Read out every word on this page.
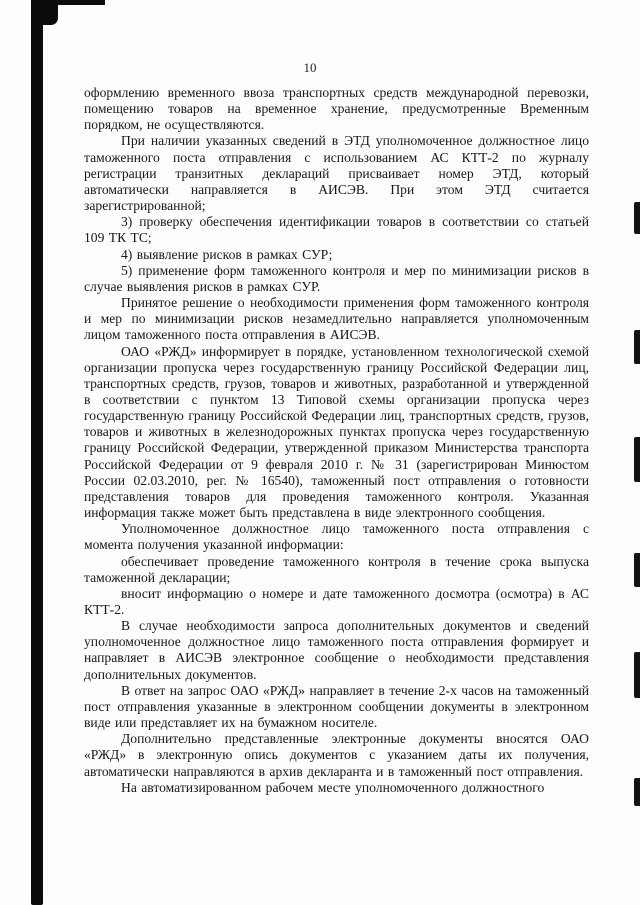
10

оформлению временного ввоза транспортных средств международной перевозки, помещению товаров на временное хранение, предусмотренные Временным порядком, не осуществляются.

При наличии указанных сведений в ЭТД уполномоченное должностное лицо таможенного поста отправления с использованием АС КТТ-2 по журналу регистрации транзитных деклараций присваивает номер ЭТД, который автоматически направляется в АИСЭВ. При этом ЭТД считается зарегистрированной;

3) проверку обеспечения идентификации товаров в соответствии со статьей 109 ТК ТС;

4) выявление рисков в рамках СУР;

5) применение форм таможенного контроля и мер по минимизации рисков в случае выявления рисков в рамках СУР.

Принятое решение о необходимости применения форм таможенного контроля и мер по минимизации рисков незамедлительно направляется уполномоченным лицом таможенного поста отправления в АИСЭВ.

ОАО «РЖД» информирует в порядке, установленном технологической схемой организации пропуска через государственную границу Российской Федерации лиц, транспортных средств, грузов, товаров и животных, разработанной и утвержденной в соответствии с пунктом 13 Типовой схемы организации пропуска через государственную границу Российской Федерации лиц, транспортных средств, грузов, товаров и животных в железнодорожных пунктах пропуска через государственную границу Российской Федерации, утвержденной приказом Министерства транспорта Российской Федерации от 9 февраля 2010 г. № 31 (зарегистрирован Минюстом России 02.03.2010, рег. № 16540), таможенный пост отправления о готовности представления товаров для проведения таможенного контроля. Указанная информация также может быть представлена в виде электронного сообщения.

Уполномоченное должностное лицо таможенного поста отправления с момента получения указанной информации:

обеспечивает проведение таможенного контроля в течение срока выпуска таможенной декларации;

вносит информацию о номере и дате таможенного досмотра (осмотра) в АС КТТ-2.

В случае необходимости запроса дополнительных документов и сведений уполномоченное должностное лицо таможенного поста отправления формирует и направляет в АИСЭВ электронное сообщение о необходимости представления дополнительных документов.

В ответ на запрос ОАО «РЖД» направляет в течение 2-х часов на таможенный пост отправления указанные в электронном сообщении документы в электронном виде или представляет их на бумажном носителе.

Дополнительно представленные электронные документы вносятся ОАО «РЖД» в электронную опись документов с указанием даты их получения, автоматически направляются в архив декларанта и в таможенный пост отправления.

На автоматизированном рабочем месте уполномоченного должностного
